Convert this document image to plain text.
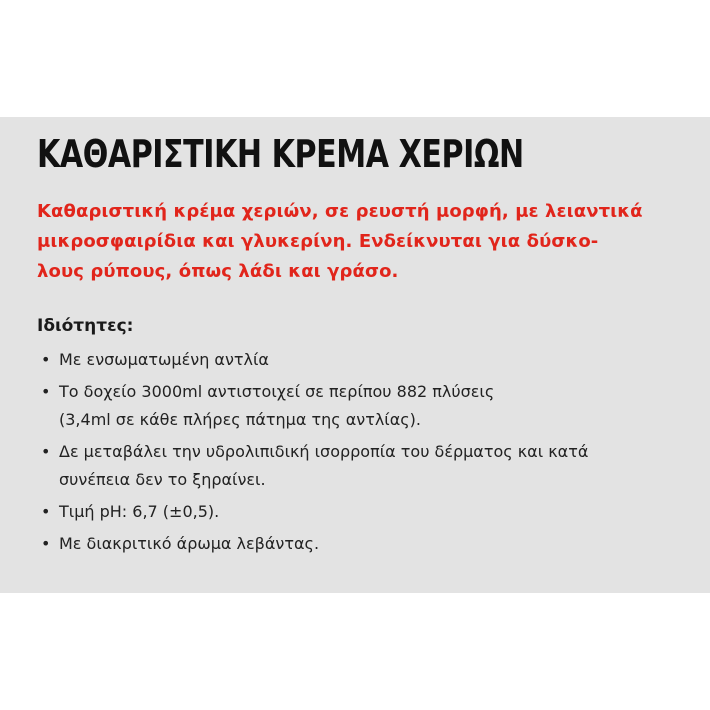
ΚΑΘΑΡΙΣΤΙΚΗ ΚΡΕΜΑ ΧΕΡΙΩΝ

Καθαριστική κρέμα χεριών, σε ρευστή μορφή, με λειαντικά
μικροσφαιρίδια και γλυκερίνη. Ενδείκνυται για δύσκο-
λους ρύπους, όπως λάδι και γράσο.

Ιδιότητες:
• Με ενσωματωμένη αντλία
• Το δοχείο 3000ml αντιστοιχεί σε περίπου 882 πλύσεις
(3,4ml σε κάθε πλήρες πάτημα της αντλίας).
• Δε μεταβάλει την υδρολιπιδική ισορροπία του δέρματος και κατά
συνέπεια δεν το ξηραίνει.
• Τιμή pH: 6,7 (±0,5).
• Με διακριτικό άρωμα λεβάντας.
